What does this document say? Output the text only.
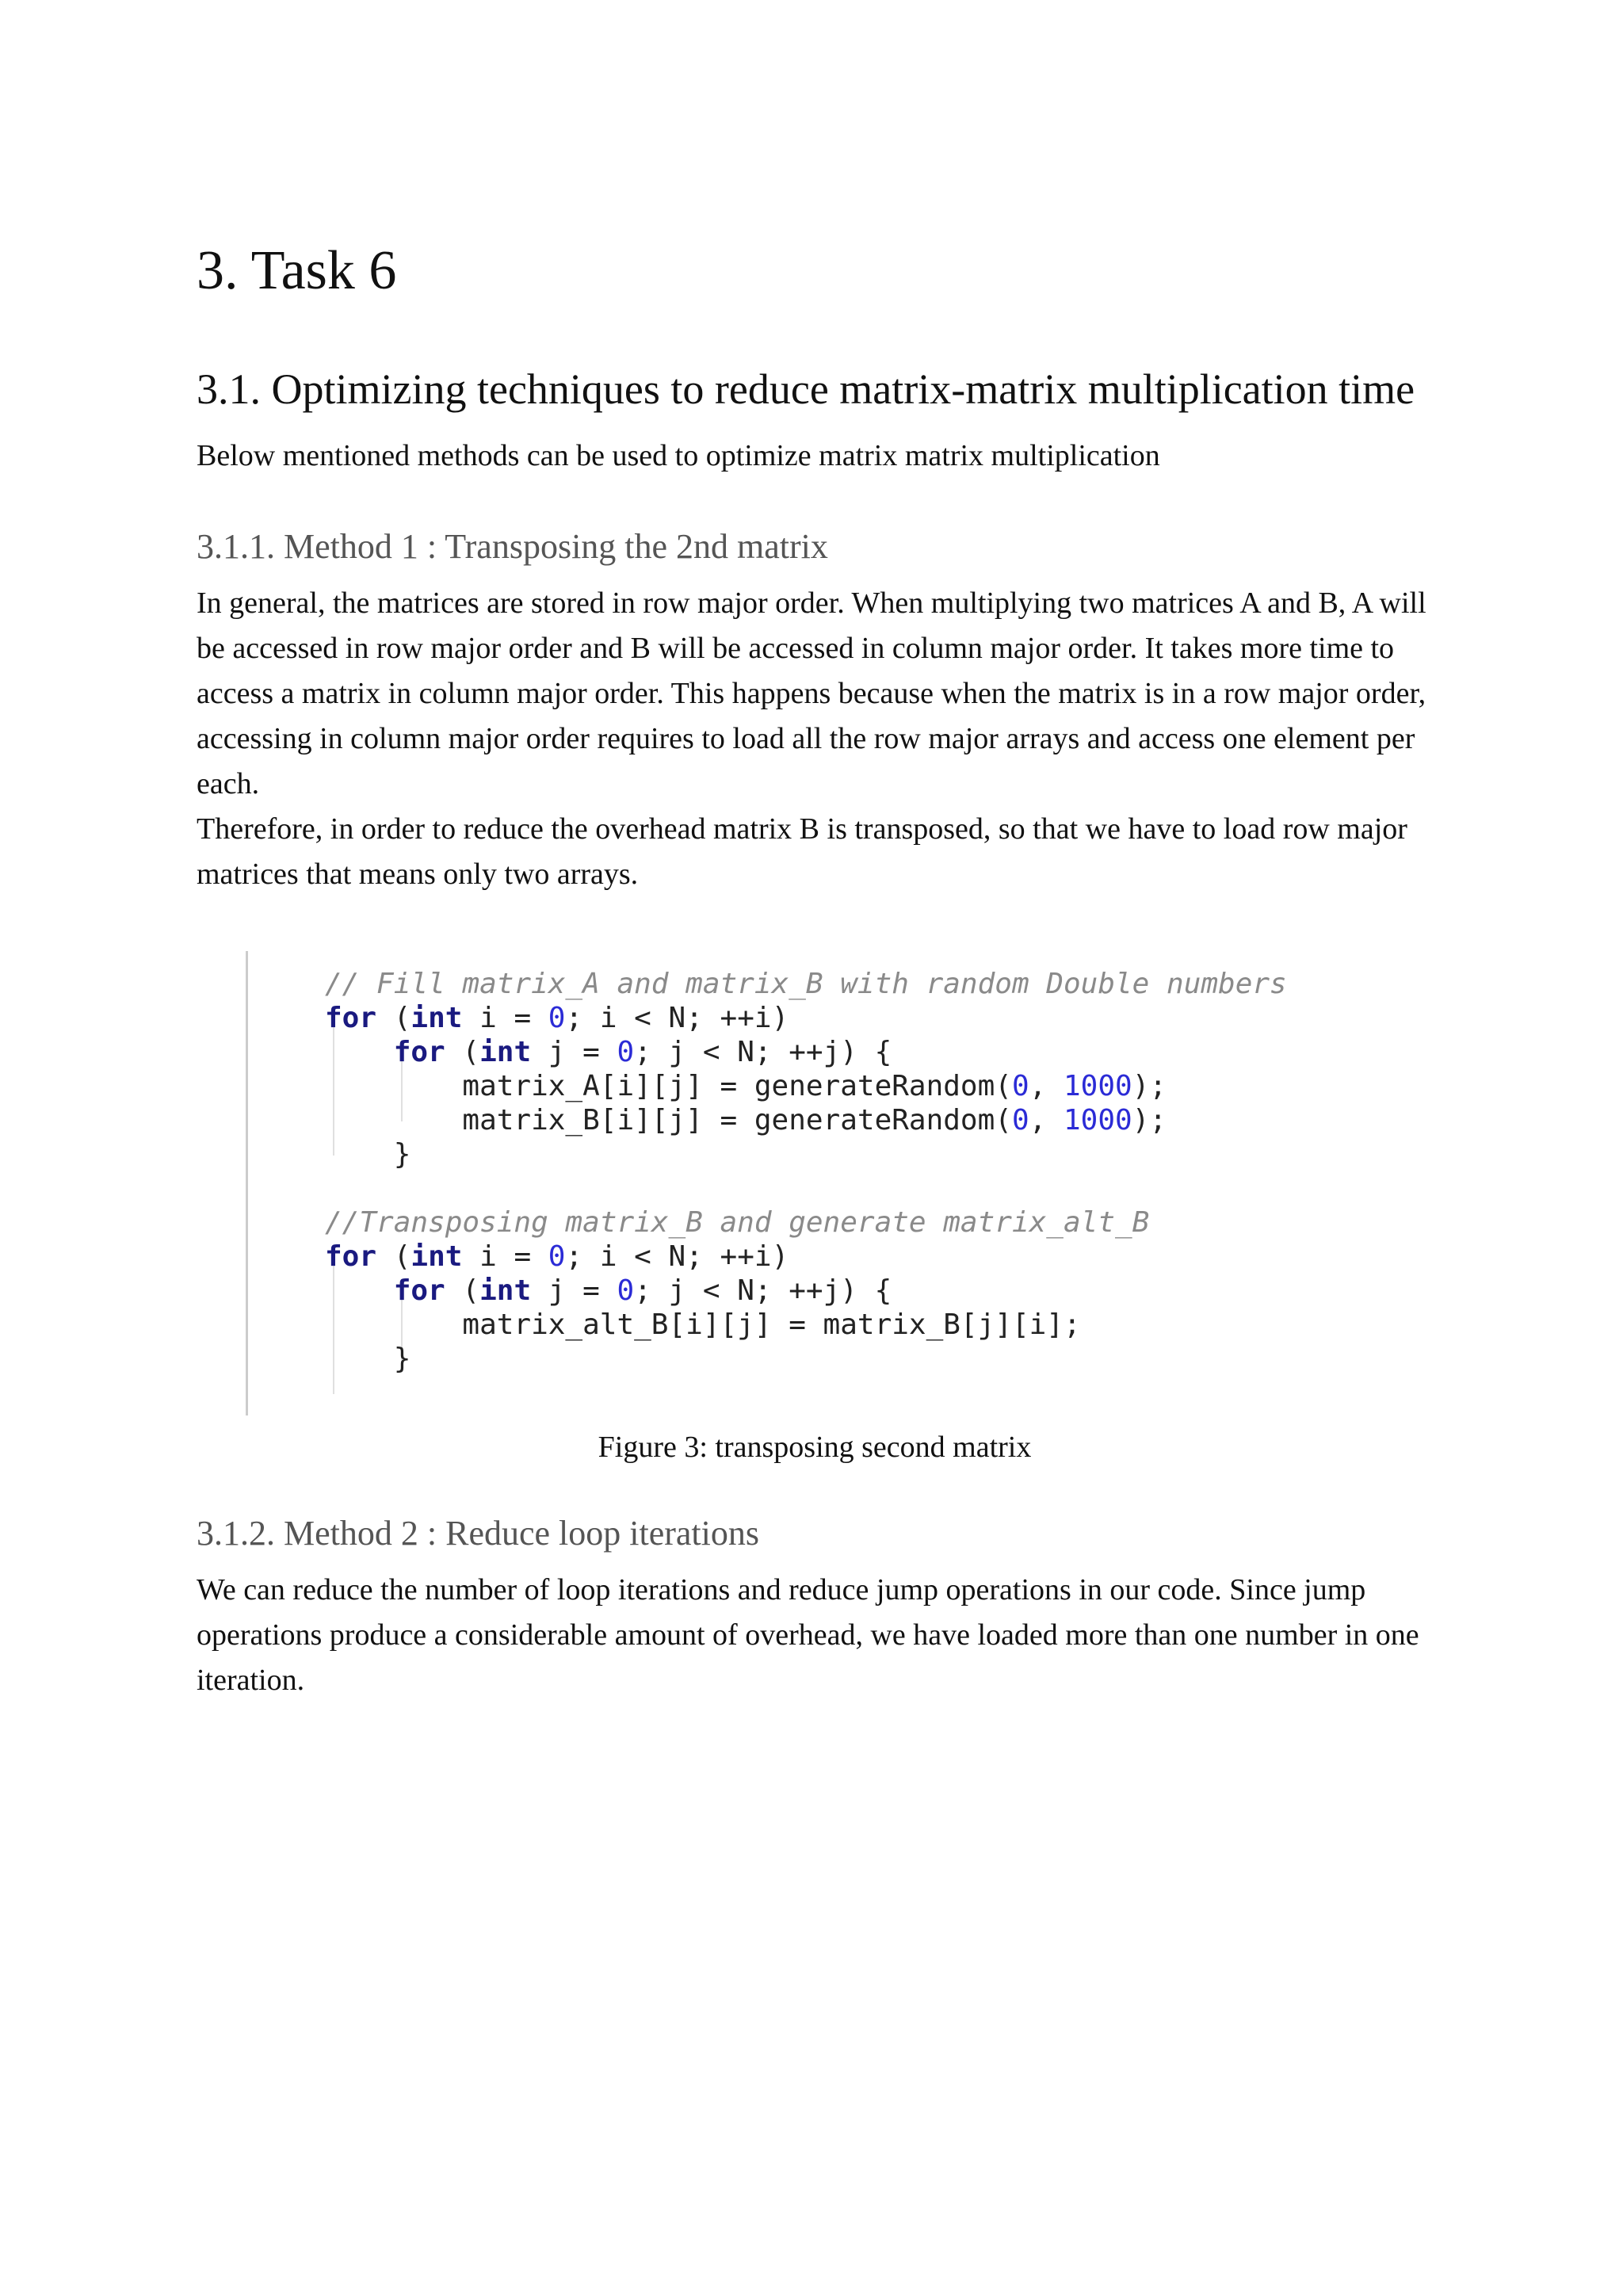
3. Task 6
3.1. Optimizing techniques to reduce matrix-matrix multiplication time

Below mentioned methods can be used to optimize matrix matrix multiplication

3.1.1. Method 1 : Transposing the 2nd matrix

In general, the matrices are stored in row major order. When multiplying two matrices A and B, A will be accessed in row major order and B will be accessed in column major order. It takes more time to access a matrix in column major order. This happens because when the matrix is in a row major order, accessing in column major order requires to load all the row major arrays and access one element per each.

Therefore, in order to reduce the overhead matrix B is transposed, so that we have to load row major matrices that means only two arrays.

// Fill matrix_A and matrix_B with random Double numbers
for (int i = 0; i < N; ++i)
for (int j = 0; j < N; ++j) {
matrix_A[i][j] = generateRandom(0, 1000);
matrix_B[i][j] = generateRandom(0, 1000);
}

//Transposing matrix_B and generate matrix_alt_B
for (int i = 0; i < N; ++i)
for (int j = 0; j < N; ++j) {
matrix_alt_B[i][j] = matrix_B[j][i];
}
Figure 3: transposing second matrix
3.1.2. Method 2 : Reduce loop iterations

We can reduce the number of loop iterations and reduce jump operations in our code. Since jump operations produce a considerable amount of overhead, we have loaded more than one number in one iteration.
